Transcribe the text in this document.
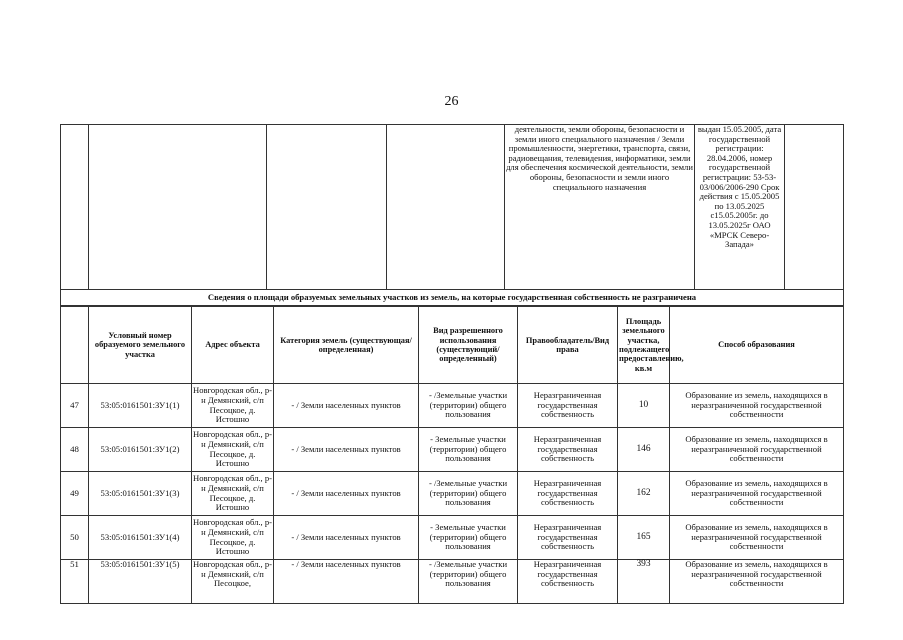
26
				деятельности, земли обороны, безопасности и земли иного специального назначения / Земли промышленности, энергетики, транспорта, связи, радиовещания, телевидения, информатики, земли для обеспечения космической деятельности, земли обороны, безопасности и земли иного специального назначения	выдан 15.05.2005, дата государственной регистрации: 28.04.2006, номер государственной регистрации: 53-53-03/006/2006-290 Срок действия с 15.05.2005 по 13.05.2025 с15.05.2005г. до 13.05.2025г ОАО «МРСК Северо-Запада»	
Сведения о площади образуемых земельных участков из земель, на которые государственная собственность не разграничена
	Условный номер образуемого земельного участка	Адрес объекта	Категория земель (существующая/определенная)	Вид разрешенного использования (существующий/определенный)	Правообладатель/Вид права	Площадь земельного участка, подлежащего предоставлению, кв.м	Способ образования
47	53:05:0161501:ЗУ1(1)	Новгородская обл., р-н Демянский, с/п Песоцкое, д. Истошно	- / Земли населенных пунктов	- /Земельные участки (территории) общего пользования	Неразграниченная государственная собственность	10	Образование из земель, находящихся в неразграниченной государственной собственности
48	53:05:0161501:ЗУ1(2)	Новгородская обл., р-н Демянский, с/п Песоцкое, д. Истошно	- / Земли населенных пунктов	- Земельные участки (территории) общего пользования	Неразграниченная государственная собственность	146	Образование из земель, находящихся в неразграниченной государственной собственности
49	53:05:0161501:ЗУ1(3)	Новгородская обл., р-н Демянский, с/п Песоцкое, д. Истошно	- / Земли населенных пунктов	- /Земельные участки (территории) общего пользования	Неразграниченная государственная собственность	162	Образование из земель, находящихся в неразграниченной государственной собственности
50	53:05:0161501:ЗУ1(4)	Новгородская обл., р-н Демянский, с/п Песоцкое, д. Истошно	- / Земли населенных пунктов	- Земельные участки (территории) общего пользования	Неразграниченная государственная собственность	165	Образование из земель, находящихся в неразграниченной государственной собственности
51	53:05:0161501:ЗУ1(5)	Новгородская обл., р-н Демянский, с/п Песоцкое,	- / Земли населенных пунктов	- /Земельные участки (территории) общего пользования	Неразграниченная государственная собственность	393	Образование из земель, находящихся в неразграниченной государственной собственности
